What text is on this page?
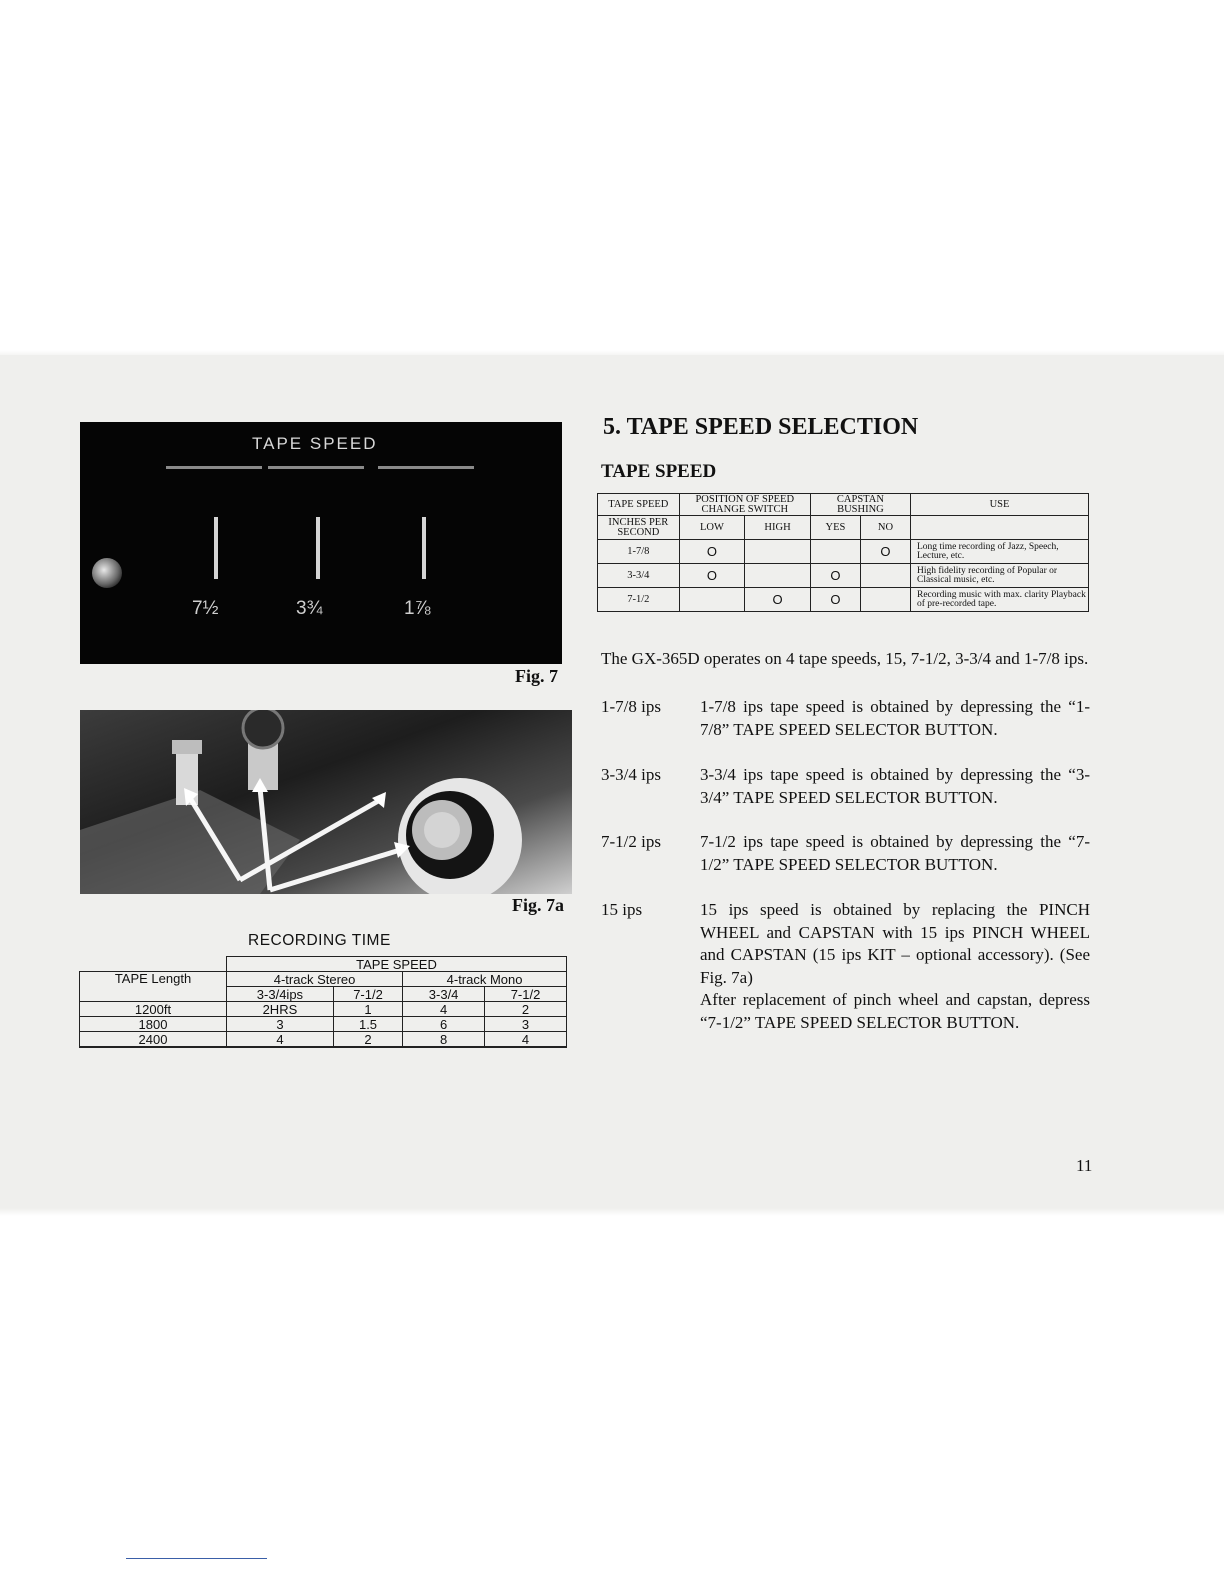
TAPE SPEED
7½	3¾	1⅞
Fig. 7
Fig. 7a
RECORDING TIME
	TAPE SPEED			
TAPE Length	4-track Stereo		4-track Mono	
	3-3/4ips	7-1/2	3-3/4	7-1/2
1200ft	2HRS	1	4	2
1800	3	1.5	6	3
2400	4	2	8	4
5. TAPE SPEED SELECTION
TAPE SPEED
TAPE SPEED	POSITION OF SPEED CHANGE SWITCH		CAPSTAN BUSHING		USE
INCHES PER SECOND	LOW	HIGH	YES	NO	
1-7/8	O			O	Long time recording of Jazz, Speech, Lecture, etc.
3-3/4	O		O		High fidelity recording of Popular or Classical music, etc.
7-1/2		O	O		Recording music with max. clarity Playback of pre-recorded tape.
The GX-365D operates on 4 tape speeds, 15, 7-1/2, 3-3/4 and 1-7/8 ips.
1-7/8 ips 1-7/8 ips tape speed is obtained by depressing the “1-7/8” TAPE SPEED SELECTOR BUTTON.
3-3/4 ips 3-3/4 ips tape speed is obtained by depressing the “3-3/4” TAPE SPEED SELECTOR BUTTON.
7-1/2 ips 7-1/2 ips tape speed is obtained by depressing the “7-1/2” TAPE SPEED SELECTOR BUTTON.
15 ips	15 ips speed is obtained by replacing the PINCH WHEEL and CAPSTAN with 15 ips PINCH WHEEL and CAPSTAN (15 ips KIT – optional accessory). (See Fig. 7a)
After replacement of pinch wheel and capstan, depress “7-1/2” TAPE SPEED SELECTOR BUTTON.
11
